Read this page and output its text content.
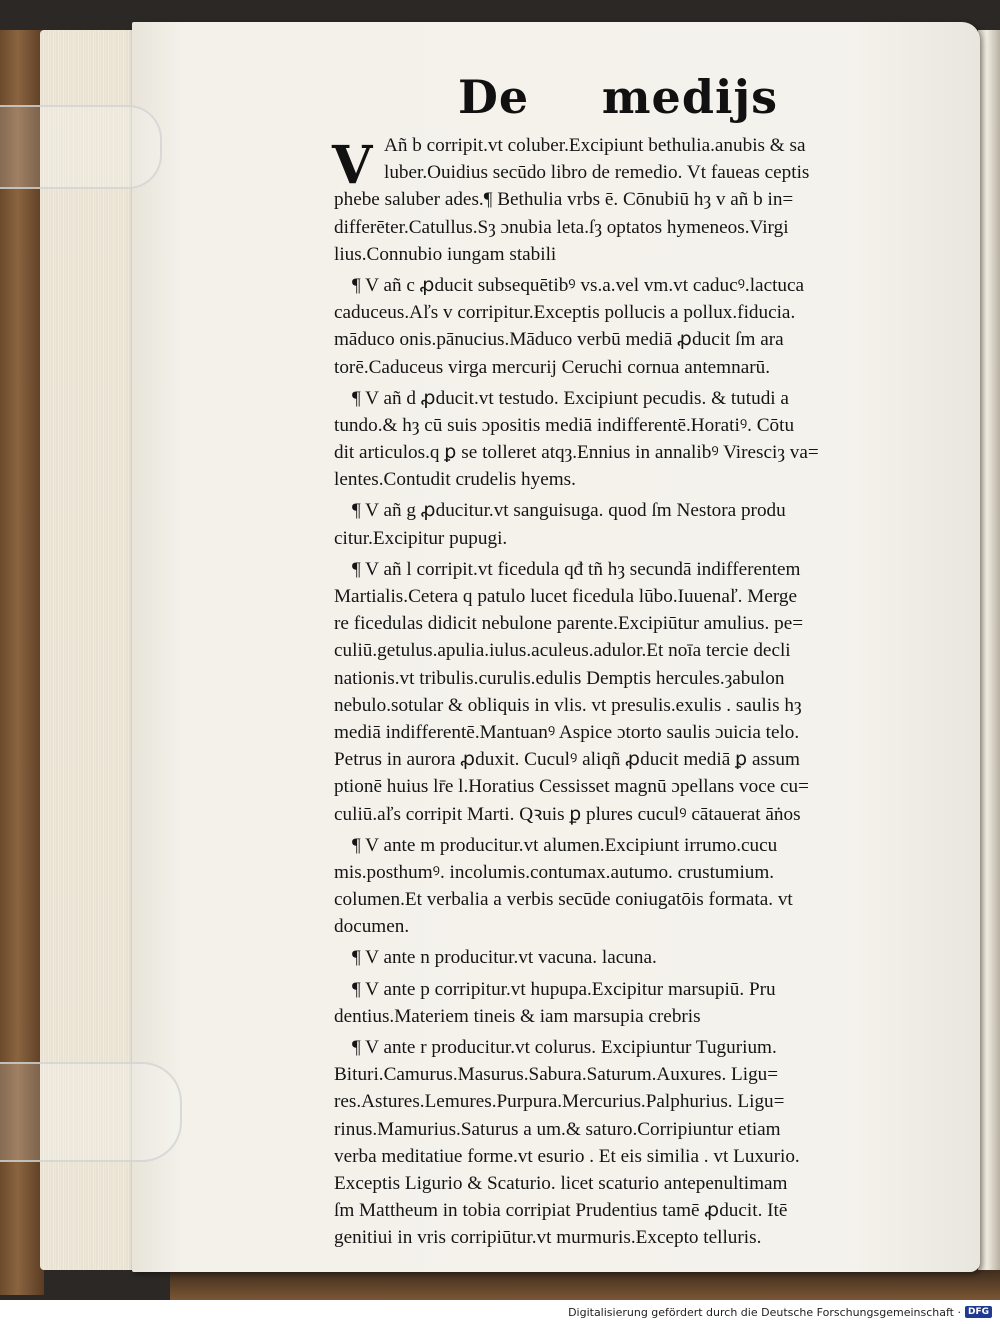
De medijs
V Añ b corripit.vt coluber.Excipiunt bethulia.anubis & sa
luber.Ouidius secūdo libro de remedio. Vt faueas ceptis
phebe saluber ades.¶ Bethulia vrbs ē. Cōnubiū hȝ v añ b in=
differēter.Catullus.Sȝ ɔnubia leta.ſȝ optatos hymeneos.Virgi
lius.Connubio iungam stabili
¶ V añ c ꝓducit subsequētibꝰ vs.a.vel vm.vt caducꝰ.lactuca
caduceus.Aľs v corripitur.Exceptis pollucis a pollux.fiducia.
māduco onis.pānucius.Māduco verbū mediā ꝓducit ſm ara
torē.Caduceus virga mercurij Ceruchi cornua antemnarū.
¶ V añ d ꝓducit.vt testudo. Excipiunt pecudis. & tutudi a
tundo.& hȝ cū suis ɔpositis mediā indifferentē.Horatiꝰ. Cōtu
dit articulos.q ꝑ se tolleret atqȝ.Ennius in annalibꝰ Viresciȝ va=
lentes.Contudit crudelis hyems.
¶ V añ g ꝓducitur.vt sanguisuga. quod ſm Nestora produ
citur.Excipitur pupugi.
¶ V añ l corripit.vt ficedula qđ tñ hȝ secundā indifferentem
Martialis.Cetera q patulo lucet ficedula lūbo.Iuuenaľ. Merge
re ficedulas didicit nebulone parente.Excipiūtur amulius. pe=
culiū.getulus.apulia.iulus.aculeus.adulor.Et noīa tercie decli
nationis.vt tribulis.curulis.edulis Demptis hercules.ȝabulon
nebulo.sotular & obliquis in vlis. vt presulis.exulis . saulis hȝ
mediā indifferentē.Mantuanꝰ Aspice ɔtorto saulis ɔuicia telo.
Petrus in aurora ꝓduxit. Cuculꝰ aliqñ ꝓducit mediā ꝑ assum
ptionē huius lr̄e l.Horatius Cessisset magnū ɔpellans voce cu=
culiū.aľs corripit Marti. Qꝛuis ꝑ plures cuculꝰ cātauerat āṅos
¶ V ante m producitur.vt alumen.Excipiunt irrumo.cucu
mis.posthumꝰ. incolumis.contumax.autumo. crustumium.
columen.Et verbalia a verbis secūde coniugatōis formata. vt
documen.
¶ V ante n producitur.vt vacuna. lacuna.
¶ V ante p corripitur.vt hupupa.Excipitur marsupiū. Pru
dentius.Materiem tineis & iam marsupia crebris
¶ V ante r producitur.vt colurus. Excipiuntur Tugurium.
Bituri.Camurus.Masurus.Sabura.Saturum.Auxures. Ligu=
res.Astures.Lemures.Purpura.Mercurius.Palphurius. Ligu=
rinus.Mamurius.Saturus a um.& saturo.Corripiuntur etiam
verba meditatiue forme.vt esurio . Et eis similia . vt Luxurio.
Exceptis Ligurio & Scaturio. licet scaturio antepenultimam
ſm Mattheum in tobia corripiat Prudentius tamē ꝓducit. Itē
genitiui in vris corripiūtur.vt murmuris.Excepto telluris.
Digitalisierung gefördert durch die Deutsche Forschungsgemeinschaft · DFG
